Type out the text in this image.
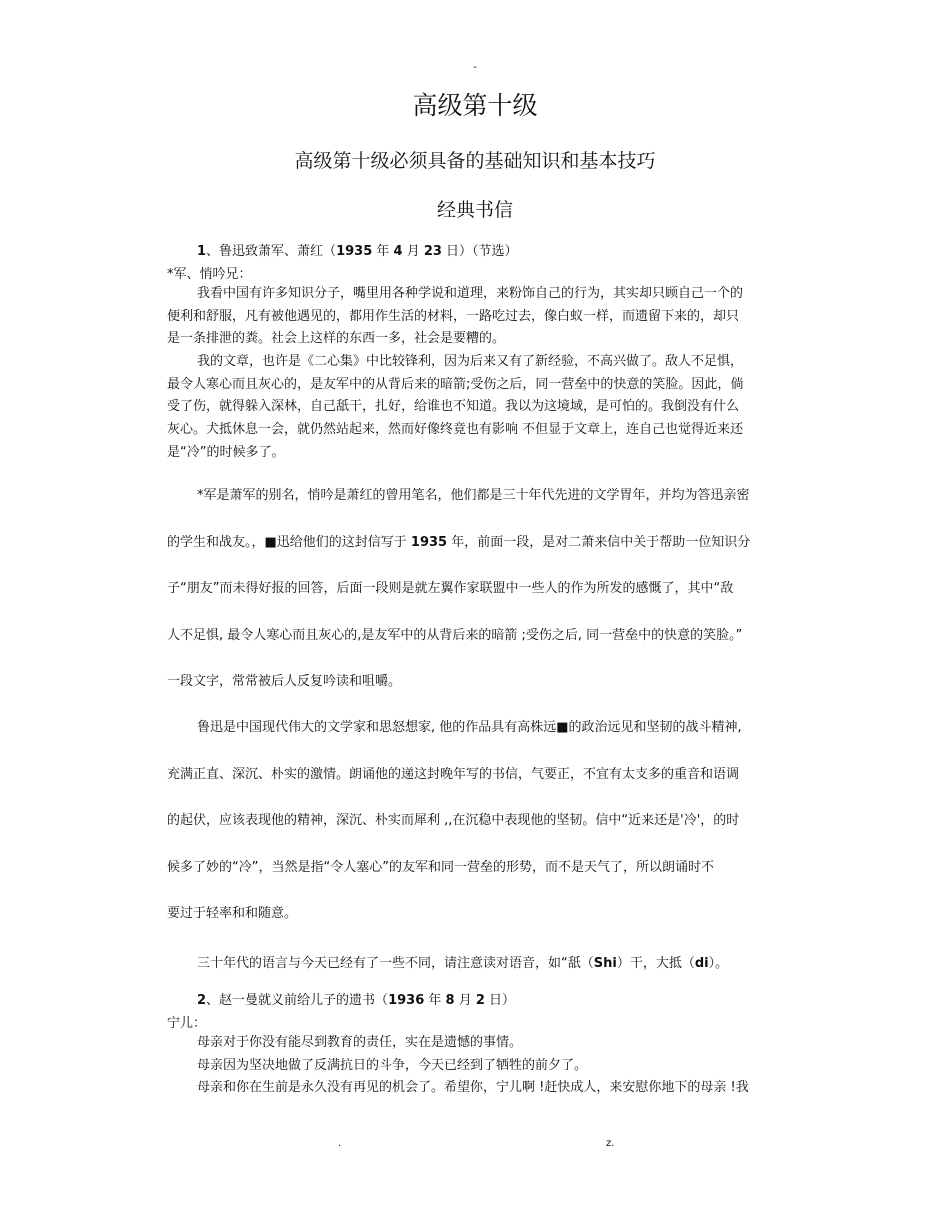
-
高级第十级
高级第十级必须具备的基础知识和基本技巧
经典书信
1、鲁迅致萧军、萧红（1935 年 4 月 23 日）（节选）
*军、悄吟兄：

我看中国有许多知识分子，嘴里用各种学说和道理，来粉饰自己的行为，其实却只顾自己一个的

便利和舒服，凡有被他遇见的，都用作生活的材料，一路吃过去，像白蚁一样，而遗留下来的，却只

是一条排泄的粪。社会上这样的东西一多，社会是要糟的。

我的文章，也许是《二心集》中比较锋利，因为后来又有了新经验，不高兴做了。敌人不足惧，

最令人寒心而且灰心的，是友军中的从背后来的暗箭;受伤之后，同一营垒中的快意的笑脸。因此，倘

受了伤，就得躲入深林，自己舐干，扎好，给谁也不知道。我以为这境域，是可怕的。我倒没有什么

灰心。犬抵休息一会，就仍然站起来，然而好像终竟也有影响 不但显于文章上，连自己也觉得近来还

是“冷”的时候多了。

*军是萧军的别名，悄吟是萧红的曾用笔名，他们都是三十年代先进的文学胃年，并均为答迅亲密

的学生和战友。，■迅给他们的这封信写于 1935 年，前面一段，是对二萧来信中关于帮助一位知识分

子“朋友”而未得好报的回答，后面一段则是就左翼作家联盟中一些人的作为所发的感慨了，其中“敌

人不足惧, 最令人寒心而且灰心的,是友军中的从背后来的暗箭 ;受伤之后, 同一营垒中的快意的笑脸。”

一段文字，常常被后人反复吟读和咀嚼。

鲁迅是中国现代伟大的文学家和思怒想家, 他的作品具有高株远■的政治远见和坚韧的战斗精神,

充满正直、深沉、朴实的激情。朗诵他的递这封晚年写的书信，气要正，不宜有太支多的重音和语调

的起伏，应该表现他的精神，深沉、朴实而犀利 ,,在沉稳中表现他的坚韧。信中“近来还是'冷'，的时

候多了妙的“冷”，当然是指“令人塞心”的友军和同一营垒的形势，而不是天气了，所以朗诵时不

要过于轻率和和随意。

三十年代的语言与今天已经有了一些不同，请注意读对语音，如“舐（Shi）干，大抵（di）。
2、赵一曼就义前给儿子的遗书（1936 年 8 月 2 日）
宁儿：

母亲对于你没有能尽到教育的责任，实在是遗憾的事情。

母亲因为坚决地做了反满抗日的斗争，今天已经到了牺牲的前夕了。

母亲和你在生前是永久没有再见的机会了。希望你，宁儿啊 !赶快成人，来安慰你地下的母亲 !我

.	z.
